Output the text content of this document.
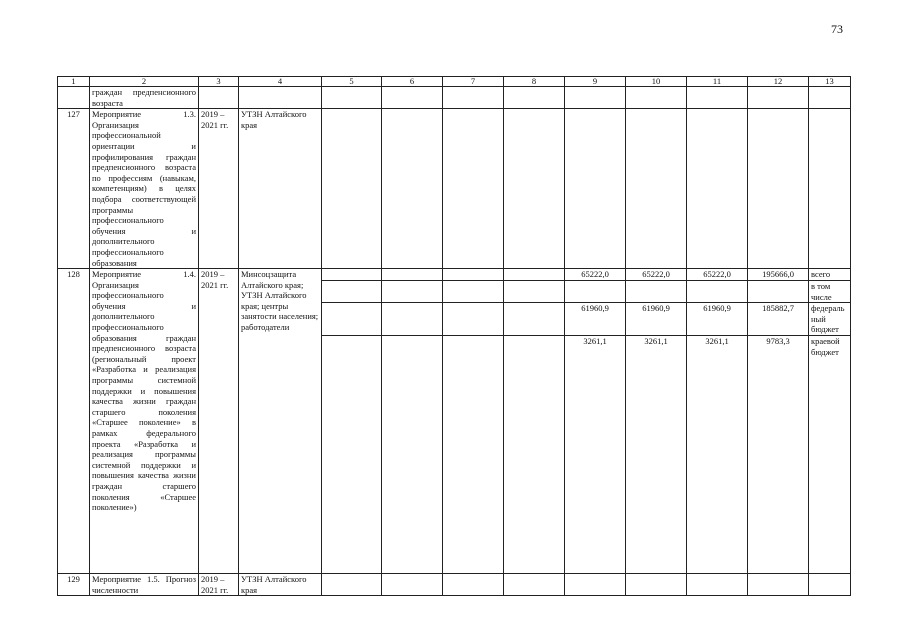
73
1	2	3	4	5	6	7	8	9	10	11	12	13
	граждан предпенсионного возраста											
127	Мероприятие 1.3. Организация профессиональной ориентации и профилирования граждан предпенсионного возраста по профессиям (навыкам, компетенциям) в целях подбора соответствующей программы профессионального обучения и дополнительного профессионального образования	2019 – 2021 гг.	УТЗН Алтайского края									
128	Мероприятие 1.4. Организация профессионального обучения и дополнительного профессионального образования граждан предпенсионного возраста (региональный проект «Разработка и реализация программы системной поддержки и повышения качества жизни граждан старшего поколения «Старшее поколение» в рамках федерального проекта «Разработка и реализация программы системной поддержки и повышения качества жизни граждан старшего поколения «Старшее поколение»)	2019 – 2021 гг.	Минсоцзащита Алтайского края; УТЗН Алтайского края; центры занятости населения; работодатели					65222,0	65222,0	65222,0	195666,0	всего
												в том числе
								61960,9	61960,9	61960,9	185882,7	федеральный бюджет
								3261,1	3261,1	3261,1	9783,3	краевой бюджет
129	Мероприятие 1.5. Прогноз численности	2019 – 2021 гг.	УТЗН Алтайского края									
